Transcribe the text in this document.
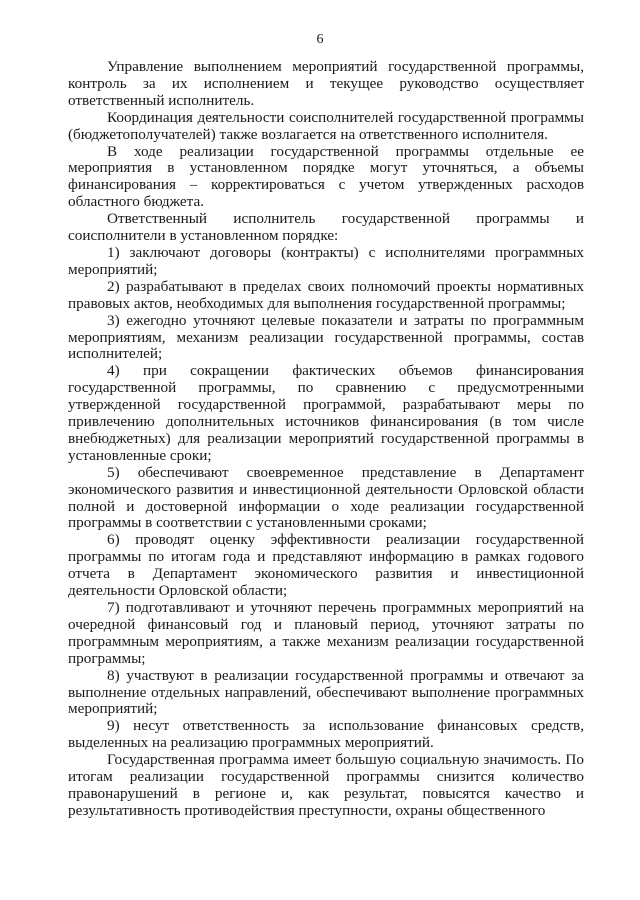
6

Управление выполнением мероприятий государственной программы, контроль за их исполнением и текущее руководство осуществляет ответственный исполнитель.

Координация деятельности соисполнителей государственной программы (бюджетополучателей) также возлагается на ответственного исполнителя.

В ходе реализации государственной программы отдельные ее мероприятия в установленном порядке могут уточняться, а объемы финансирования – корректироваться с учетом утвержденных расходов областного бюджета.

Ответственный исполнитель государственной программы и соисполнители в установленном порядке:

1) заключают договоры (контракты) с исполнителями программных мероприятий;

2) разрабатывают в пределах своих полномочий проекты нормативных правовых актов, необходимых для выполнения государственной программы;

3) ежегодно уточняют целевые показатели и затраты по программным мероприятиям, механизм реализации государственной программы, состав исполнителей;

4) при сокращении фактических объемов финансирования государственной программы, по сравнению с предусмотренными утвержденной государственной программой, разрабатывают меры по привлечению дополнительных источников финансирования (в том числе внебюджетных) для реализации мероприятий государственной программы в установленные сроки;

5) обеспечивают своевременное представление в Департамент экономического развития и инвестиционной деятельности Орловской области полной и достоверной информации о ходе реализации государственной программы в соответствии с установленными сроками;

6) проводят оценку эффективности реализации государственной программы по итогам года и представляют информацию в рамках годового отчета в Департамент экономического развития и инвестиционной деятельности Орловской области;

7) подготавливают и уточняют перечень программных мероприятий на очередной финансовый год и плановый период, уточняют затраты по программным мероприятиям, а также механизм реализации государственной программы;

8) участвуют в реализации государственной программы и отвечают за выполнение отдельных направлений, обеспечивают выполнение программных мероприятий;

9) несут ответственность за использование финансовых средств, выделенных на реализацию программных мероприятий.

Государственная программа имеет большую социальную значимость. По итогам реализации государственной программы снизится количество правонарушений в регионе и, как результат, повысятся качество и результативность противодействия преступности, охраны общественного
